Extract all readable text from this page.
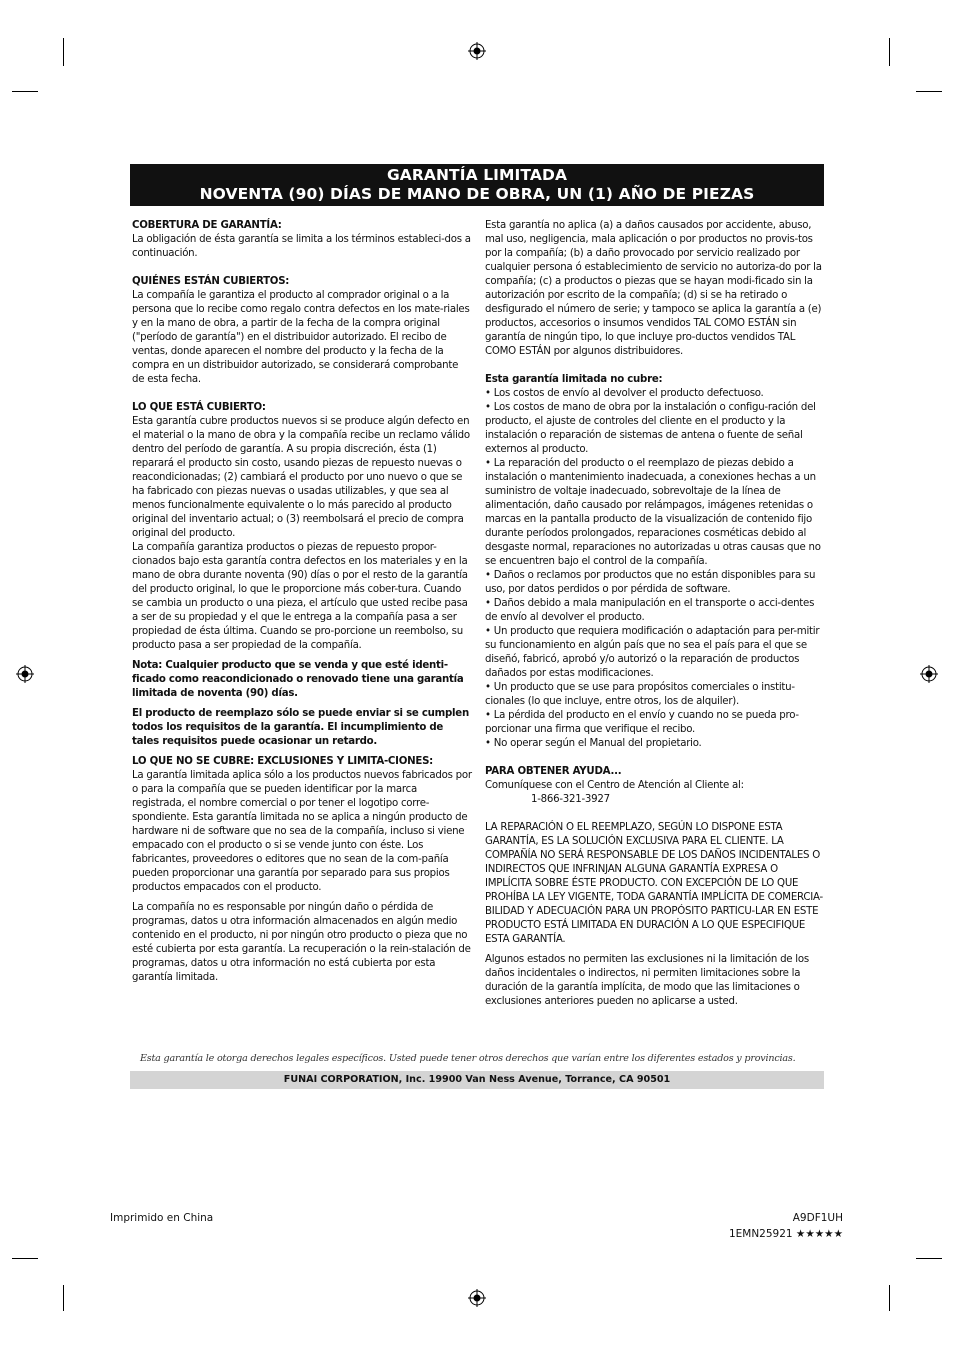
GARANTÍA LIMITADA
NOVENTA (90) DÍAS DE MANO DE OBRA, UN (1) AÑO DE PIEZAS

COBERTURA DE GARANTÍA:

La obligación de ésta garantía se limita a los términos estableci-dos a continuación.

QUIÉNES ESTÁN CUBIERTOS:

La compañía le garantiza el producto al comprador original o a la persona que lo recibe como regalo contra defectos en los mate-riales y en la mano de obra, a partir de la fecha de la compra original ("período de garantía") en el distribuidor autorizado. El recibo de ventas, donde aparecen el nombre del producto y la fecha de la compra en un distribuidor autorizado, se considerará comprobante de esta fecha.

LO QUE ESTÁ CUBIERTO:

Esta garantía cubre productos nuevos si se produce algún defecto en el material o la mano de obra y la compañía recibe un reclamo válido dentro del período de garantía. A su propia discreción, ésta (1) reparará el producto sin costo, usando piezas de repuesto nuevas o reacondicionadas; (2) cambiará el producto por uno nuevo o que se ha fabricado con piezas nuevas o usadas utilizables, y que sea al menos funcionalmente equivalente o lo más parecido al producto original del inventario actual; o (3) reembolsará el precio de compra original del producto.

La compañía garantiza productos o piezas de repuesto propor-cionados bajo esta garantía contra defectos en los materiales y en la mano de obra durante noventa (90) días o por el resto de la garantía del producto original, lo que le proporcione más cober-tura. Cuando se cambia un producto o una pieza, el artículo que usted recibe pasa a ser de su propiedad y el que le entrega a la compañía pasa a ser propiedad de ésta última. Cuando se pro-porcione un reembolso, su producto pasa a ser propiedad de la compañía.

Nota: Cualquier producto que se venda y que esté identi-ficado como reacondicionado o renovado tiene una garantía limitada de noventa (90) días.

El producto de reemplazo sólo se puede enviar si se cumplen todos los requisitos de la garantía. El incumplimiento de tales requisitos puede ocasionar un retardo.

LO QUE NO SE CUBRE: EXCLUSIONES Y LIMITA-CIONES:

La garantía limitada aplica sólo a los productos nuevos fabricados por o para la compañía que se pueden identificar por la marca registrada, el nombre comercial o por tener el logotipo corre-spondiente. Esta garantía limitada no se aplica a ningún producto de hardware ni de software que no sea de la compañía, incluso si viene empacado con el producto o si se vende junto con éste. Los fabricantes, proveedores o editores que no sean de la com-pañía pueden proporcionar una garantía por separado para sus propios productos empacados con el producto.

La compañía no es responsable por ningún daño o pérdida de programas, datos u otra información almacenados en algún medio contenido en el producto, ni por ningún otro producto o pieza que no esté cubierta por esta garantía. La recuperación o la rein-stalación de programas, datos u otra información no está cubierta por esta garantía limitada.

Esta garantía no aplica (a) a daños causados por accidente, abuso, mal uso, negligencia, mala aplicación o por productos no provis-tos por la compañía; (b) a daño provocado por servicio realizado por cualquier persona ó establecimiento de servicio no autoriza-do por la compañía; (c) a productos o piezas que se hayan modi-ficado sin la autorización por escrito de la compañía; (d) si se ha retirado o desfigurado el número de serie; y tampoco se aplica la garantía a (e) productos, accesorios o insumos vendidos TAL COMO ESTÁN sin garantía de ningún tipo, lo que incluye pro-ductos vendidos TAL COMO ESTÁN por algunos distribuidores.

Esta garantía limitada no cubre:

• Los costos de envío al devolver el producto defectuoso.

• Los costos de mano de obra por la instalación o configu-ración del producto, el ajuste de controles del cliente en el producto y la instalación o reparación de sistemas de antena o fuente de señal externos al producto.

• La reparación del producto o el reemplazo de piezas debido a instalación o mantenimiento inadecuada, a conexiones hechas a un suministro de voltaje inadecuado, sobrevoltaje de la línea de alimentación, daño causado por relámpagos, imágenes retenidas o marcas en la pantalla producto de la visualización de contenido fijo durante períodos prolongados, reparaciones cosméticas debido al desgaste normal, reparaciones no autorizadas u otras causas que no se encuentren bajo el control de la compañía.

• Daños o reclamos por productos que no están disponibles para su uso, por datos perdidos o por pérdida de software.

• Daños debido a mala manipulación en el transporte o acci-dentes de envío al devolver el producto.

• Un producto que requiera modificación o adaptación para per-mitir su funcionamiento en algún país que no sea el país para el que se diseñó, fabricó, aprobó y/o autorizó o la reparación de productos dañados por estas modificaciones.

• Un producto que se use para propósitos comerciales o institu-cionales (lo que incluye, entre otros, los de alquiler).

• La pérdida del producto en el envío y cuando no se pueda pro-porcionar una firma que verifique el recibo.

• No operar según el Manual del propietario.

PARA OBTENER AYUDA...

Comuníquese con el Centro de Atención al Cliente al:

1-866-321-3927

LA REPARACIÓN O EL REEMPLAZO, SEGÚN LO DISPONE ESTA GARANTÍA, ES LA SOLUCIÓN EXCLUSIVA PARA EL CLIENTE. LA COMPAÑÍA NO SERÁ RESPONSABLE DE LOS DAÑOS INCIDENTALES O INDIRECTOS QUE INFRINJAN ALGUNA GARANTÍA EXPRESA O IMPLÍCITA SOBRE ÉSTE PRODUCTO. CON EXCEPCIÓN DE LO QUE PROHÍBA LA LEY VIGENTE, TODA GARANTÍA IMPLÍCITA DE COMERCIA-BILIDAD Y ADECUACIÓN PARA UN PROPÓSITO PARTICU-LAR EN ESTE PRODUCTO ESTÁ LIMITADA EN DURACIÓN A LO QUE ESPECIFIQUE ESTA GARANTÍA.

Algunos estados no permiten las exclusiones ni la limitación de los daños incidentales o indirectos, ni permiten limitaciones sobre la duración de la garantía implícita, de modo que las limitaciones o exclusiones anteriores pueden no aplicarse a usted.

Esta garantía le otorga derechos legales específicos. Usted puede tener otros derechos que varían entre los diferentes estados y provincias.
FUNAI CORPORATION, Inc. 19900 Van Ness Avenue, Torrance, CA 90501
Imprimido en China	A9DF1UH
1EMN25921 ★★★★★
